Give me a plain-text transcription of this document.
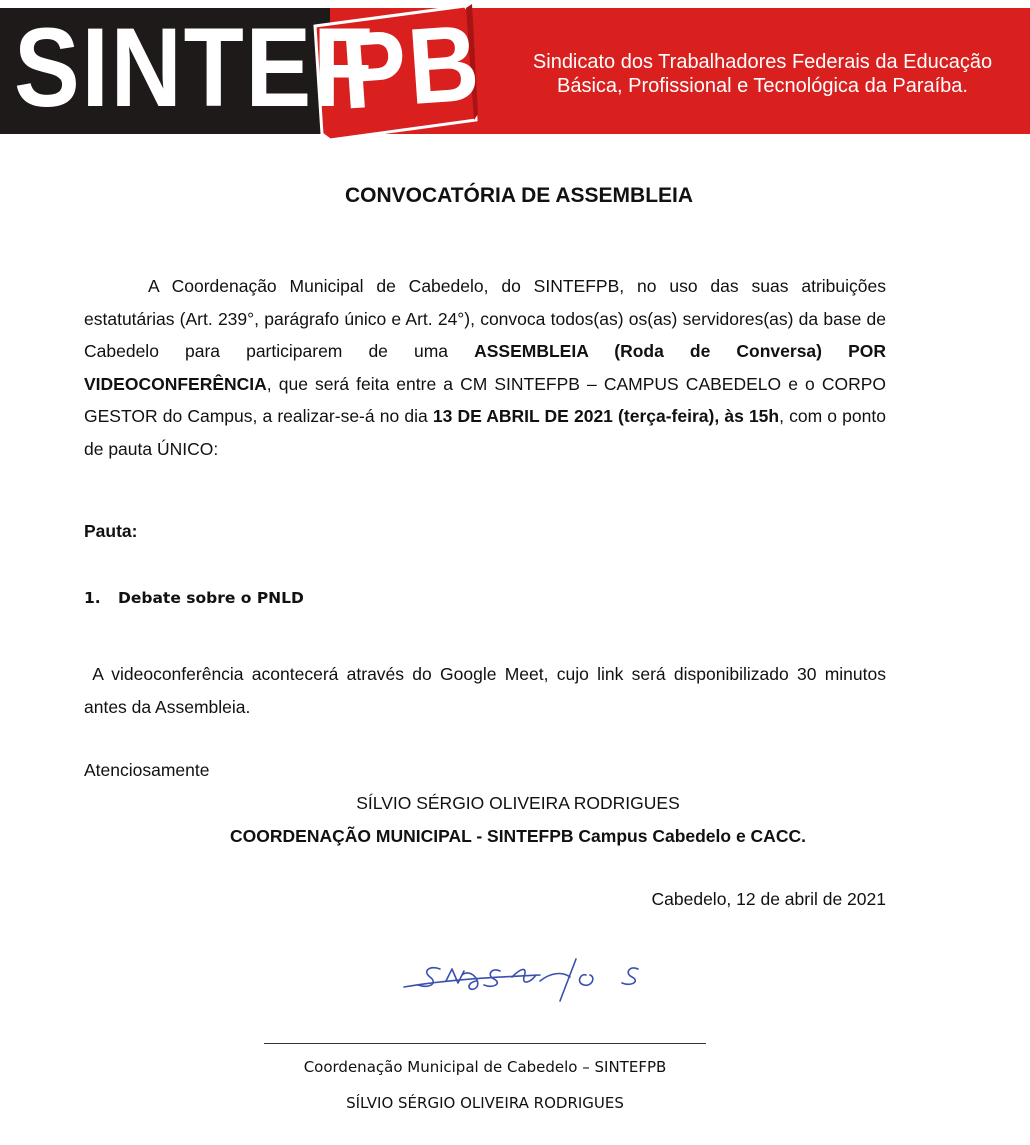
SINTEF
PB	Sindicato dos Trabalhadores Federais da Educação
Básica, Profissional e Tecnológica da Paraíba.
CONVOCATÓRIA DE ASSEMBLEIA
A Coordenação Municipal de Cabedelo, do SINTEFPB, no uso das suas atribuições estatutárias (Art. 239°, parágrafo único e Art. 24°), convoca todos(as) os(as) servidores(as) da base de Cabedelo para participarem de uma ASSEMBLEIA (Roda de Conversa) POR VIDEOCONFERÊNCIA, que será feita entre a CM SINTEFPB – CAMPUS CABEDELO e o CORPO GESTOR do Campus, a realizar-se-á no dia 13 DE ABRIL DE 2021 (terça-feira), às 15h, com o ponto de pauta ÚNICO:
Pauta:
1. Debate sobre o PNLD
A videoconferência acontecerá através do Google Meet, cujo link será disponibilizado 30 minutos antes da Assembleia.
Atenciosamente
SÍLVIO SÉRGIO OLIVEIRA RODRIGUES
COORDENAÇÃO MUNICIPAL - SINTEFPB Campus Cabedelo e CACC.
Cabedelo, 12 de abril de 2021
Coordenação Municipal de Cabedelo – SINTEFPB
SÍLVIO SÉRGIO OLIVEIRA RODRIGUES
